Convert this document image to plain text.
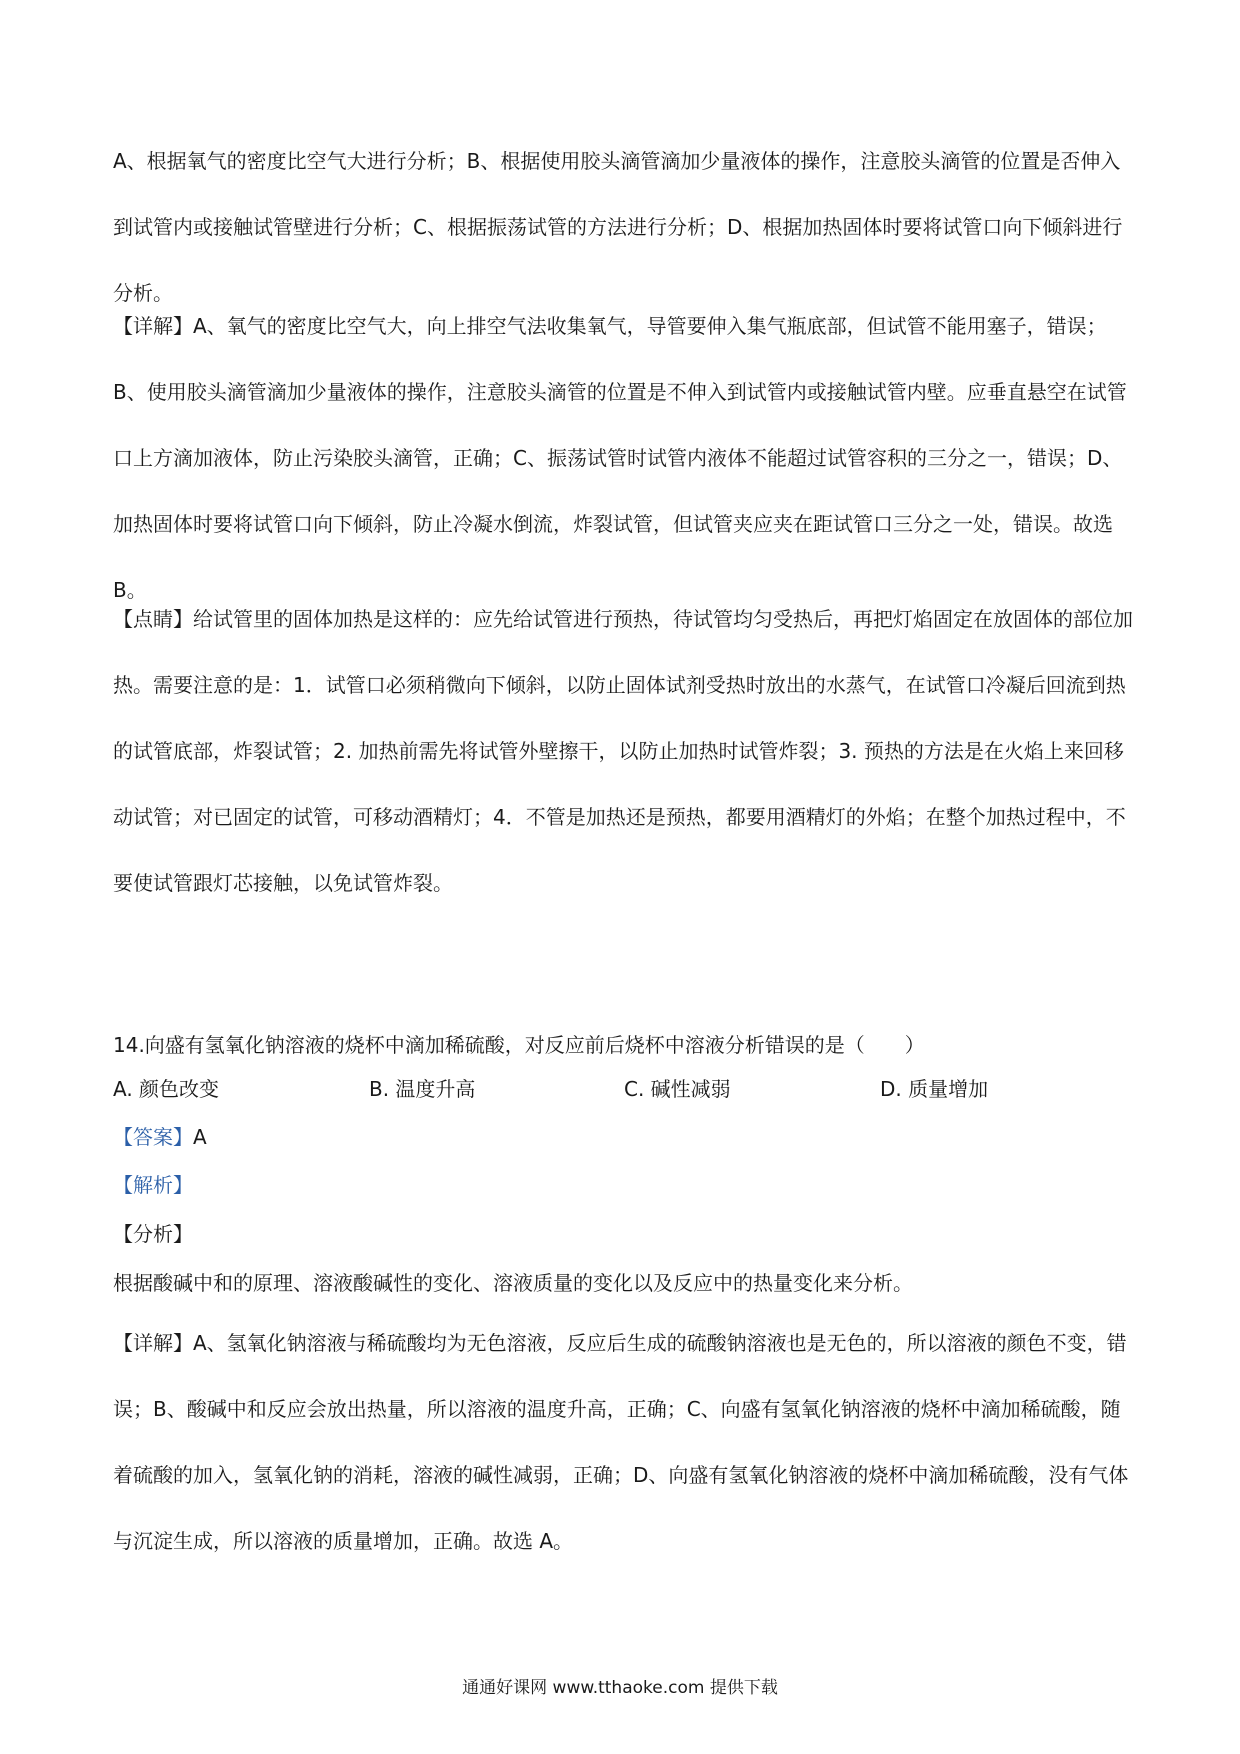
A、根据氧气的密度比空气大进行分析；B、根据使用胶头滴管滴加少量液体的操作，注意胶头滴管的位置是否伸入到试管内或接触试管壁进行分析；C、根据振荡试管的方法进行分析；D、根据加热固体时要将试管口向下倾斜进行分析。

【详解】A、氧气的密度比空气大，向上排空气法收集氧气，导管要伸入集气瓶底部，但试管不能用塞子，错误；B、使用胶头滴管滴加少量液体的操作，注意胶头滴管的位置是不伸入到试管内或接触试管内壁。应垂直悬空在试管口上方滴加液体，防止污染胶头滴管，正确；C、振荡试管时试管内液体不能超过试管容积的三分之一，错误；D、加热固体时要将试管口向下倾斜，防止冷凝水倒流，炸裂试管，但试管夹应夹在距试管口三分之一处，错误。故选 B。

【点睛】给试管里的固体加热是这样的：应先给试管进行预热，待试管均匀受热后，再把灯焰固定在放固体的部位加热。需要注意的是：1．试管口必须稍微向下倾斜，以防止固体试剂受热时放出的水蒸气，在试管口冷凝后回流到热的试管底部，炸裂试管；2. 加热前需先将试管外壁擦干，以防止加热时试管炸裂；3. 预热的方法是在火焰上来回移动试管；对已固定的试管，可移动酒精灯；4．不管是加热还是预热，都要用酒精灯的外焰；在整个加热过程中，不要使试管跟灯芯接触，以免试管炸裂。

14.向盛有氢氧化钠溶液的烧杯中滴加稀硫酸，对反应前后烧杯中溶液分析错误的是（　　）
A. 颜色改变	B. 温度升高	C. 碱性减弱	D. 质量增加
【答案】A
【解析】
【分析】
根据酸碱中和的原理、溶液酸碱性的变化、溶液质量的变化以及反应中的热量变化来分析。

【详解】A、氢氧化钠溶液与稀硫酸均为无色溶液，反应后生成的硫酸钠溶液也是无色的，所以溶液的颜色不变，错误；B、酸碱中和反应会放出热量，所以溶液的温度升高，正确；C、向盛有氢氧化钠溶液的烧杯中滴加稀硫酸，随着硫酸的加入，氢氧化钠的消耗，溶液的碱性减弱，正确；D、向盛有氢氧化钠溶液的烧杯中滴加稀硫酸，没有气体与沉淀生成，所以溶液的质量增加，正确。故选 A。

通通好课网 www.tthaoke.com 提供下载
